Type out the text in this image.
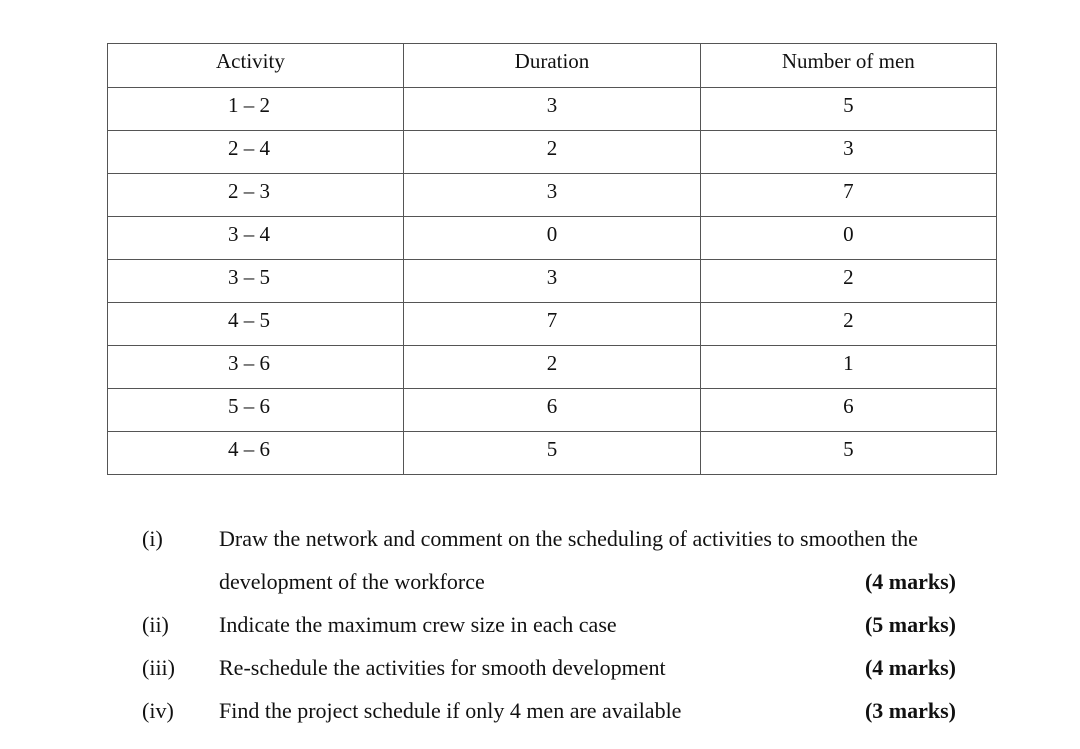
Activity	Duration	Number of men
1 – 2	3	5
2 – 4	2	3
2 – 3	3	7
3 – 4	0	0
3 – 5	3	2
4 – 5	7	2
3 – 6	2	1
5 – 6	6	6
4 – 6	5	5
(i)	Draw the network and comment on the scheduling of activities to smoothen the
development of the workforce	(4 marks)
(ii) Indicate the maximum crew size in each case	(5 marks)
(iii) Re-schedule the activities for smooth development	(4 marks)
(iv) Find the project schedule if only 4 men are available	(3 marks)
